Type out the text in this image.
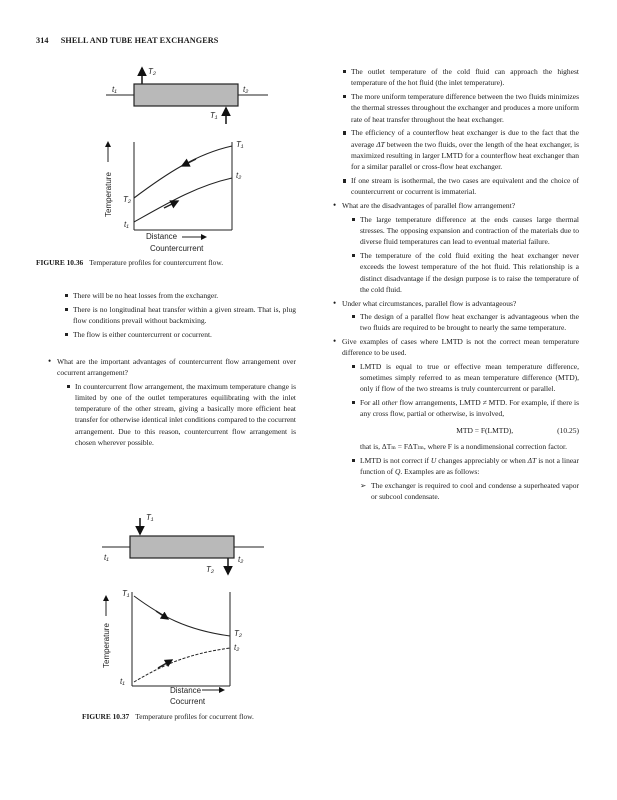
314 SHELL AND TUBE HEAT EXCHANGERS
T₂
T₁
t₁	t₂
T₁
t₂
T₂
t₁
Temperature
Distance
Countercurrent
FIGURE 10.36 Temperature profiles for countercurrent flow.
T₁
T₂
t₁	t₂
T₁
T₂
t₂
t₁
Temperature
Distance
Cocurrent
FIGURE 10.37 Temperature profiles for cocurrent flow.
There will be no heat losses from the exchanger.
There is no longitudinal heat transfer within a given stream. That is, plug flow conditions prevail without backmixing.
The flow is either countercurrent or cocurrent.
• What are the important advantages of countercurrent flow arrangement over cocurrent arrangement?
In countercurrent flow arrangement, the maximum temperature change is limited by one of the outlet temperatures equilibrating with the inlet temperature of the other stream, giving a basically more efficient heat transfer for otherwise identical inlet conditions compared to the cocurrent arrangement. Due to this reason, countercurrent flow arrangement is chosen wherever possible.
The outlet temperature of the cold fluid can approach the highest temperature of the hot fluid (the inlet temperature).
The more uniform temperature difference between the two fluids minimizes the thermal stresses throughout the exchanger and produces a more uniform rate of heat transfer throughout the heat exchanger.
The efficiency of a counterflow heat exchanger is due to the fact that the average ΔT between the two fluids, over the length of the heat exchanger, is maximized resulting in larger LMTD for a counterflow heat exchanger than for a similar parallel or cross-flow heat exchanger.
If one stream is isothermal, the two cases are equivalent and the choice of countercurrent or cocurrent is immaterial.
• What are the disadvantages of parallel flow arrangement?
The large temperature difference at the ends causes large thermal stresses. The opposing expansion and contraction of the materials due to diverse fluid temperatures can lead to eventual material failure.
The temperature of the cold fluid exiting the heat exchanger never exceeds the lowest temperature of the hot fluid. This relationship is a distinct disadvantage if the design purpose is to raise the temperature of the cold fluid.
• Under what circumstances, parallel flow is advantageous?
The design of a parallel flow heat exchanger is advantageous when the two fluids are required to be brought to nearly the same temperature.
• Give examples of cases where LMTD is not the correct mean temperature difference to be used.
LMTD is equal to true or effective mean temperature difference, sometimes simply referred to as mean temperature difference (MTD), only if flow of the two streams is truly countercurrent or parallel.
For all other flow arrangements, LMTD ≠ MTD. For example, if there is any cross flow, partial or otherwise, is involved,
MTD = F(LMTD),	(10.25)

that is, ΔTₘ = FΔTₗₘ, where F is a nondimensional correction factor.

LMTD is not correct if U changes appreciably or when ΔT is not a linear function of Q. Examples are as follows:
➢ The exchanger is required to cool and condense a superheated vapor or subcool condensate.
